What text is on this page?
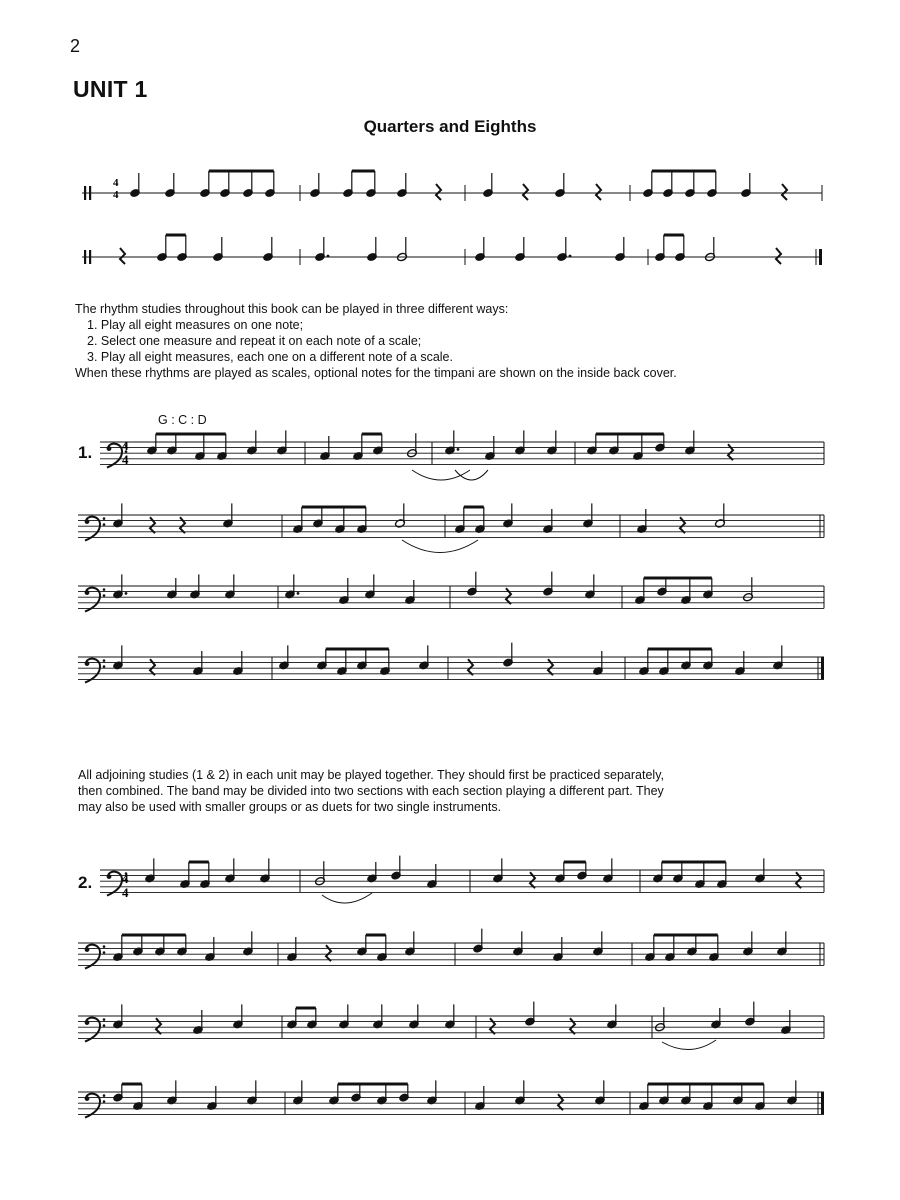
2
UNIT 1
Quarters and Eighths
4
4
4
4
4
4
The rhythm studies throughout this book can be played in three different ways:
1. Play all eight measures on one note;
2. Select one measure and repeat it on each note of a scale;
3. Play all eight measures, each one on a different note of a scale.
When these rhythms are played as scales, optional notes for the timpani are shown on the inside back cover.
G : C : D
1.
All adjoining studies (1 & 2) in each unit may be played together. They should first be practiced separately,
then combined. The band may be divided into two sections with each section playing a different part. They
may also be used with smaller groups or as duets for two single instruments.
2.
